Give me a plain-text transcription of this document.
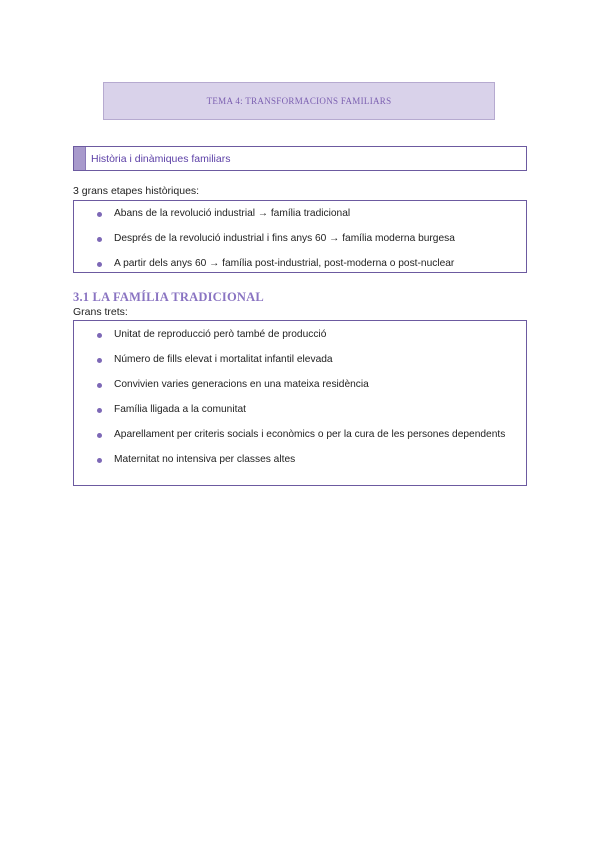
TEMA 4: TRANSFORMACIONS FAMILIARS
Història i dinàmiques familiars
3 grans etapes històriques:
Abans de la revolució industrial → família tradicional
Després de la revolució industrial i fins anys 60 → família moderna burgesa
A partir dels anys 60 → família post-industrial, post-moderna o post-nuclear
3.1 LA FAMÍLIA TRADICIONAL
Grans trets:
Unitat de reproducció però també de producció
Número de fills elevat i mortalitat infantil elevada
Convivien varies generacions en una mateixa residència
Família lligada a la comunitat
Aparellament per criteris socials i econòmics o per la cura de les persones dependents
Maternitat no intensiva per classes altes
